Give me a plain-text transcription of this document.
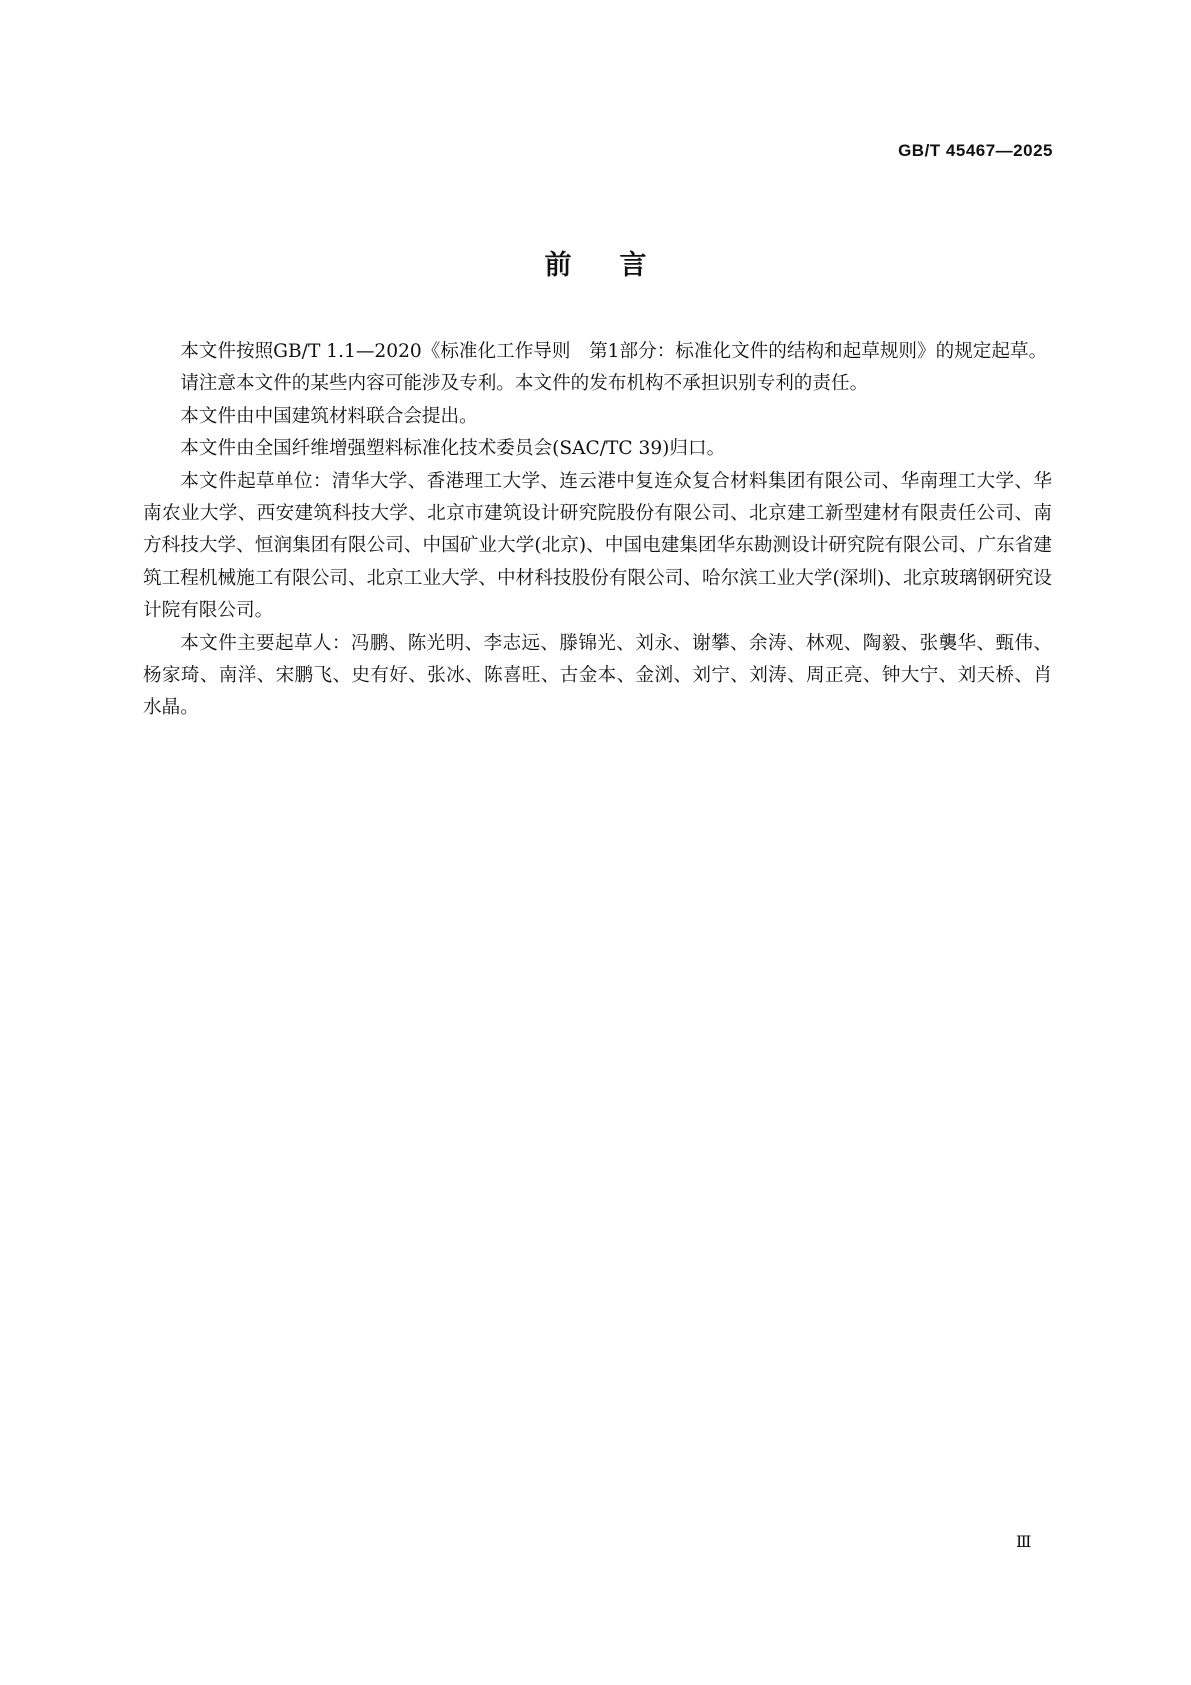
GB/T 45467—2025
前言

本文件按照GB/T 1.1—2020《标准化工作导则　第1部分：标准化文件的结构和起草规则》的规定起草。

请注意本文件的某些内容可能涉及专利。本文件的发布机构不承担识别专利的责任。

本文件由中国建筑材料联合会提出。

本文件由全国纤维增强塑料标准化技术委员会(SAC/TC 39)归口。

本文件起草单位：清华大学、香港理工大学、连云港中复连众复合材料集团有限公司、华南理工大学、华南农业大学、西安建筑科技大学、北京市建筑设计研究院股份有限公司、北京建工新型建材有限责任公司、南方科技大学、恒润集团有限公司、中国矿业大学(北京)、中国电建集团华东勘测设计研究院有限公司、广东省建筑工程机械施工有限公司、北京工业大学、中材科技股份有限公司、哈尔滨工业大学(深圳)、北京玻璃钢研究设计院有限公司。

本文件主要起草人：冯鹏、陈光明、李志远、滕锦光、刘永、谢攀、余涛、林观、陶毅、张襲华、甄伟、杨家琦、南洋、宋鹏飞、史有好、张冰、陈喜旺、古金本、金浏、刘宁、刘涛、周正亮、钟大宁、刘天桥、肖水晶。

Ⅲ
